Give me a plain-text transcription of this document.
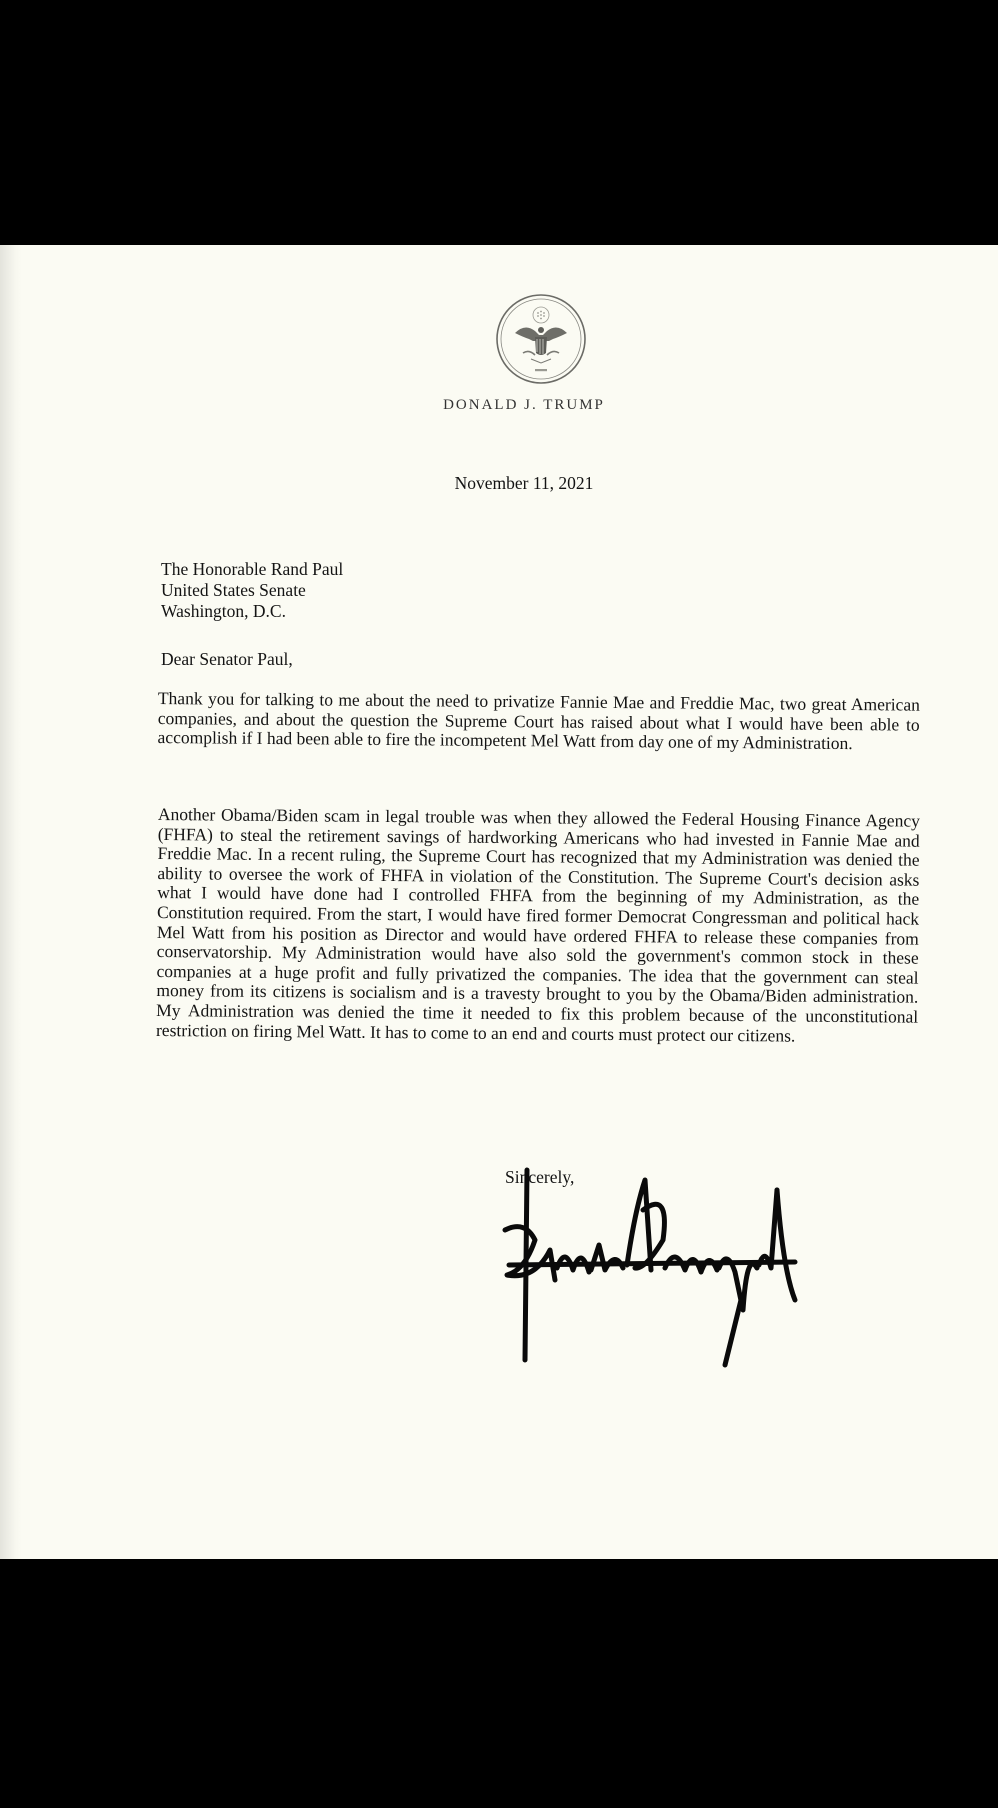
DONALD J. TRUMP
November 11, 2021
The Honorable Rand Paul
United States Senate
Washington, D.C.
Dear Senator Paul,

Thank you for talking to me about the need to privatize Fannie Mae and Freddie Mac, two great American companies, and about the question the Supreme Court has raised about what I would have been able to accomplish if I had been able to fire the incompetent Mel Watt from day one of my Administration.

Another Obama/Biden scam in legal trouble was when they allowed the Federal Housing Finance Agency (FHFA) to steal the retirement savings of hardworking Americans who had invested in Fannie Mae and Freddie Mac. In a recent ruling, the Supreme Court has recognized that my Administration was denied the ability to oversee the work of FHFA in violation of the Constitution. The Supreme Court's decision asks what I would have done had I controlled FHFA from the beginning of my Administration, as the Constitution required. From the start, I would have fired former Democrat Congressman and political hack Mel Watt from his position as Director and would have ordered FHFA to release these companies from conservatorship. My Administration would have also sold the government's common stock in these companies at a huge profit and fully privatized the companies. The idea that the government can steal money from its citizens is socialism and is a travesty brought to you by the Obama/Biden administration. My Administration was denied the time it needed to fix this problem because of the unconstitutional restriction on firing Mel Watt. It has to come to an end and courts must protect our citizens.

Sincerely,
